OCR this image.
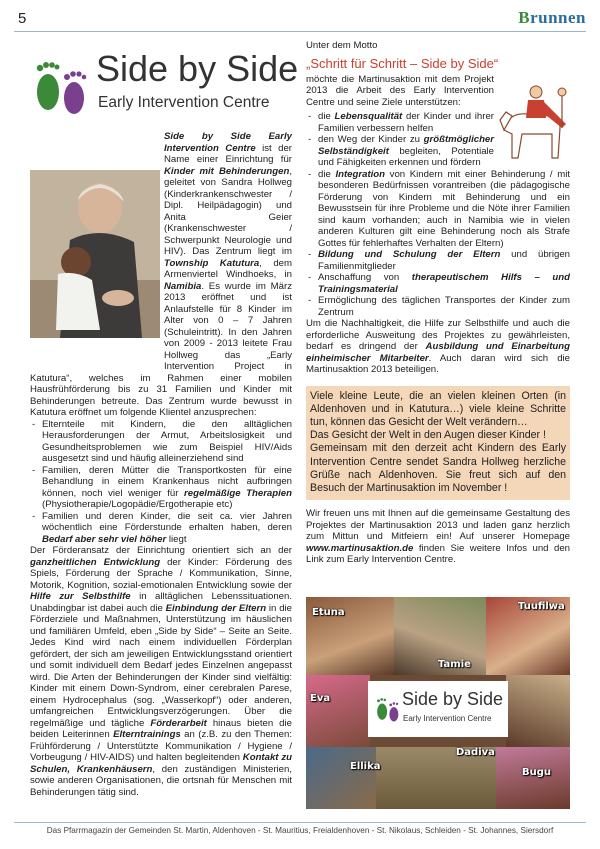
5	Brunnen
Side by Side
Early Intervention Centre

Side by Side Early Intervention Centre ist der Name einer Einrichtung für Kinder mit Behinderungen, geleitet von Sandra Hollweg (Kinderkrankenschwester / Dipl. Heilpädagogin) und Anita Geier (Krankenschwester / Schwerpunkt Neurologie und HIV). Das Zentrum liegt im Township Katutura, dem Armenviertel Windhoeks, in Namibia. Es wurde im März 2013 eröffnet und ist Anlaufstelle für 8 Kinder im Alter von 0 – 7 Jahren (Schuleintritt). In den Jahren von 2009 - 2013 leitete Frau Hollweg das „Early Intervention Project in Katutura“, welches im Rahmen einer mobilen Hausfrühförderung bis zu 31 Familien und Kinder mit Behinderungen betreute. Das Zentrum wurde bewusst in Katutura eröffnet um folgende Klientel anzusprechen:

- Elternteile mit Kindern, die den alltäglichen Herausforderungen der Armut, Arbeitslosigkeit und Gesundheitsproblemen wie zum Beispiel HIV/Aids ausgesetzt sind und häufig alleinerziehend sind
- Familien, deren Mütter die Transportkosten für eine Behandlung in einem Krankenhaus nicht aufbringen können, noch viel weniger für regelmäßige Therapien (Physiotherapie/Logopädie/Ergotherapie etc)
- Familien und deren Kinder, die seit ca. vier Jahren wöchentlich eine Förderstunde erhalten haben, deren Bedarf aber sehr viel höher liegt

Der Förderansatz der Einrichtung orientiert sich an der ganzheitlichen Entwicklung der Kinder: Förderung des Spiels, Förderung der Sprache / Kommunikation, Sinne, Motorik, Kognition, sozial-emotionalen Entwicklung sowie der Hilfe zur Selbsthilfe in alltäglichen Lebenssituationen. Unabdingbar ist dabei auch die Einbindung der Eltern in die Förderziele und Maßnahmen, Unterstützung im häuslichen und familiären Umfeld, eben „Side by Side“ – Seite an Seite. Jedes Kind wird nach einem individuellen Förderplan gefördert, der sich am jeweiligen Entwicklungsstand orientiert und somit individuell dem Bedarf jedes Einzelnen angepasst wird. Die Arten der Behinderungen der Kinder sind vielfältig: Kinder mit einem Down-Syndrom, einer cerebralen Parese, einem Hydrocephalus (sog. „Wasserkopf“) oder anderen, umfangreichen Entwicklungsverzögerungen. Über die regelmäßige und tägliche Förderarbeit hinaus bieten die beiden Leiterinnen Elterntrainings an (z.B. zu den Themen: Frühförderung / Unterstützte Kommunikation / Hygiene / Vorbeugung / HIV-AIDS) und halten begleitenden Kontakt zu Schulen, Krankenhäusern, den zuständigen Ministerien, sowie anderen Organisationen, die ortsnah für Menschen mit Behinderungen tätig sind.

Unter dem Motto

„Schritt für Schritt – Side by Side“

möchte die Martinusaktion mit dem Projekt 2013 die Arbeit des Early Intervention Centre und seine Ziele unterstützen:

- die Lebensqualität der Kinder und ihrer Familien verbessern helfen
- den Weg der Kinder zu größtmöglicher Selbständigkeit begleiten, Potentiale und Fähigkeiten erkennen und fördern
- die Integration von Kindern mit einer Behinderung / mit besonderen Bedürfnissen vorantreiben (die pädagogische Förderung von Kindern mit Behinderung und ein Bewusstsein für ihre Probleme und die Nöte ihrer Familien sind kaum vorhanden; auch in Namibia wie in vielen anderen Kulturen gilt eine Behinderung noch als Strafe Gottes für fehlerhaftes Verhalten der Eltern)
- Bildung und Schulung der Eltern und übrigen Familienmitglieder
- Anschaffung von therapeutischem Hilfs – und Trainingsmaterial
- Ermöglichung des täglichen Transportes der Kinder zum Zentrum

Um die Nachhaltigkeit, die Hilfe zur Selbsthilfe und auch die erforderliche Ausweitung des Projektes zu gewährleisten, bedarf es dringend der Ausbildung und Einarbeitung einheimischer Mitarbeiter. Auch daran wird sich die Martinusaktion 2013 beteiligen.

Viele kleine Leute, die an vielen kleinen Orten (in Aldenhoven und in Katutura…) viele kleine Schritte tun, können das Gesicht der Welt verändern…

Das Gesicht der Welt in den Augen dieser Kinder !

Gemeinsam mit den derzeit acht Kindern des Early Intervention Centre sendet Sandra Hollweg herzliche Grüße nach Aldenhoven. Sie freut sich auf den Besuch der Martinusaktion im November !

Wir freuen uns mit Ihnen auf die gemeinsame Gestaltung des Projektes der Martinusaktion 2013 und laden ganz herzlich zum Mittun und Mitfeiern ein! Auf unserer Homepage www.martinusaktion.de finden Sie weitere Infos und den Link zum Early Intervention Centre.

Side by Side
Early Intervention Centre
Etuna
Tuufilwa
Tamie
Eva
Ellika
Dadiva
Bugu
Das Pfarrmagazin der Gemeinden St. Martin, Aldenhoven - St. Mauritius, Freialdenhoven - St. Nikolaus, Schleiden - St. Johannes, Siersdorf
